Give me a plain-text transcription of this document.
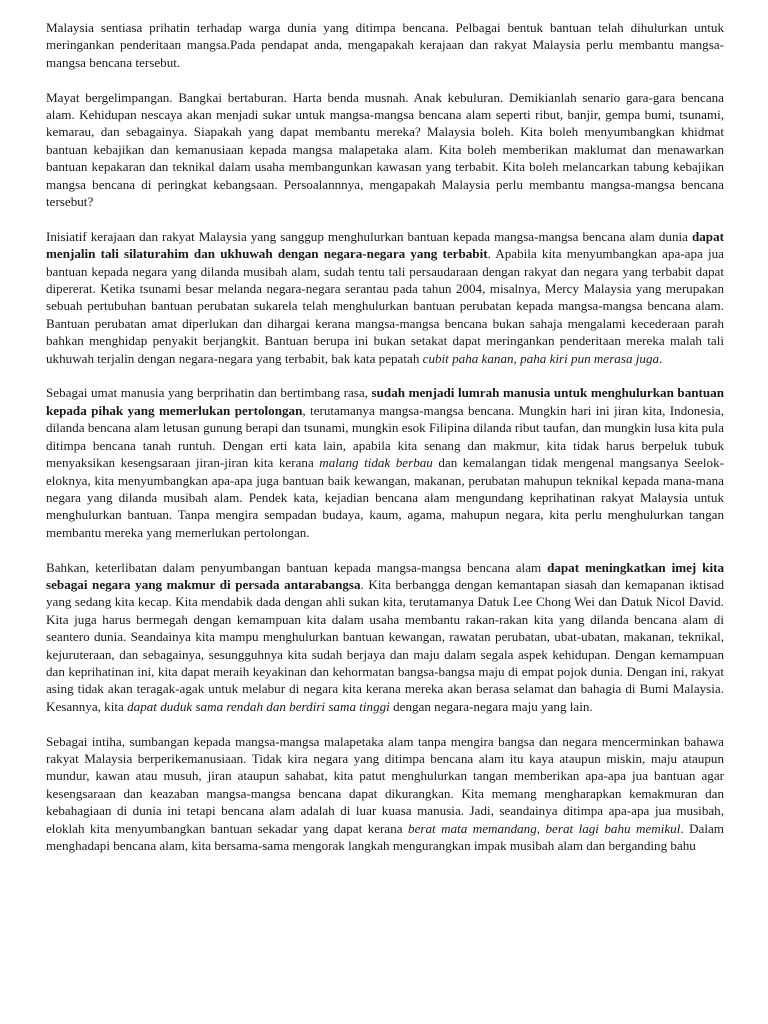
Malaysia sentiasa prihatin terhadap warga dunia yang ditimpa bencana. Pelbagai bentuk bantuan telah dihulurkan untuk meringankan penderitaan mangsa.Pada pendapat anda, mengapakah kerajaan dan rakyat Malaysia perlu membantu mangsa-mangsa bencana tersebut.

Mayat bergelimpangan. Bangkai bertaburan. Harta benda musnah. Anak kebuluran. Demikianlah senario gara-gara bencana alam. Kehidupan nescaya akan menjadi sukar untuk mangsa-mangsa bencana alam seperti ribut, banjir, gempa bumi, tsunami, kemarau, dan sebagainya. Siapakah yang dapat membantu mereka? Malaysia boleh. Kita boleh menyumbangkan khidmat bantuan kebajikan dan kemanusiaan kepada mangsa malapetaka alam. Kita boleh memberikan maklumat dan menawarkan bantuan kepakaran dan teknikal dalam usaha membangunkan kawasan yang terbabit. Kita boleh melancarkan tabung kebajikan mangsa bencana di peringkat kebangsaan. Persoalannnya, mengapakah Malaysia perlu membantu mangsa-mangsa bencana tersebut?

Inisiatif kerajaan dan rakyat Malaysia yang sanggup menghulurkan bantuan kepada mangsa-mangsa bencana alam dunia dapat menjalin tali silaturahim dan ukhuwah dengan negara-negara yang terbabit. Apabila kita menyumbangkan apa-apa jua bantuan kepada negara yang dilanda musibah alam, sudah tentu tali persaudaraan dengan rakyat dan negara yang terbabit dapat dipererat. Ketika tsunami besar melanda negara-negara serantau pada tahun 2004, misalnya, Mercy Malaysia yang merupakan sebuah pertubuhan bantuan perubatan sukarela telah menghulurkan bantuan perubatan kepada mangsa-mangsa bencana alam. Bantuan perubatan amat diperlukan dan dihargai kerana mangsa-mangsa bencana bukan sahaja mengalami kecederaan parah bahkan menghidap penyakit berjangkit. Bantuan berupa ini bukan setakat dapat meringankan penderitaan mereka malah tali ukhuwah terjalin dengan negara-negara yang terbabit, bak kata pepatah cubit paha kanan, paha kiri pun merasa juga.

Sebagai umat manusia yang berprihatin dan bertimbang rasa, sudah menjadi lumrah manusia untuk menghulurkan bantuan kepada pihak yang memerlukan pertolongan, terutamanya mangsa-mangsa bencana. Mungkin hari ini jiran kita, Indonesia, dilanda bencana alam letusan gunung berapi dan tsunami, mungkin esok Filipina dilanda ribut taufan, dan mungkin lusa kita pula ditimpa bencana tanah runtuh. Dengan erti kata lain, apabila kita senang dan makmur, kita tidak harus berpeluk tubuk menyaksikan kesengsaraan jiran-jiran kita kerana malang tidak berbau dan kemalangan tidak mengenal mangsanya Seelok-eloknya, kita menyumbangkan apa-apa juga bantuan baik kewangan, makanan, perubatan mahupun teknikal kepada mana-mana negara yang dilanda musibah alam. Pendek kata, kejadian bencana alam mengundang keprihatinan rakyat Malaysia untuk menghulurkan bantuan. Tanpa mengira sempadan budaya, kaum, agama, mahupun negara, kita perlu menghulurkan tangan membantu mereka yang memerlukan pertolongan.

Bahkan, keterlibatan dalam penyumbangan bantuan kepada mangsa-mangsa bencana alam dapat meningkatkan imej kita sebagai negara yang makmur di persada antarabangsa. Kita berbangga dengan kemantapan siasah dan kemapanan iktisad yang sedang kita kecap. Kita mendabik dada dengan ahli sukan kita, terutamanya Datuk Lee Chong Wei dan Datuk Nicol David. Kita juga harus bermegah dengan kemampuan kita dalam usaha membantu rakan-rakan kita yang dilanda bencana alam di seantero dunia. Seandainya kita mampu menghulurkan bantuan kewangan, rawatan perubatan, ubat-ubatan, makanan, teknikal, kejuruteraan, dan sebagainya, sesungguhnya kita sudah berjaya dan maju dalam segala aspek kehidupan. Dengan kemampuan dan keprihatinan ini, kita dapat meraih keyakinan dan kehormatan bangsa-bangsa maju di empat pojok dunia. Dengan ini, rakyat asing tidak akan teragak-agak untuk melabur di negara kita kerana mereka akan berasa selamat dan bahagia di Bumi Malaysia. Kesannya, kita dapat duduk sama rendah dan berdiri sama tinggi dengan negara-negara maju yang lain.

Sebagai intiha, sumbangan kepada mangsa-mangsa malapetaka alam tanpa mengira bangsa dan negara mencerminkan bahawa rakyat Malaysia berperikemanusiaan. Tidak kira negara yang ditimpa bencana alam itu kaya ataupun miskin, maju ataupun mundur, kawan atau musuh, jiran ataupun sahabat, kita patut menghulurkan tangan memberikan apa-apa jua bantuan agar kesengsaraan dan keazaban mangsa-mangsa bencana dapat dikurangkan. Kita memang mengharapkan kemakmuran dan kebahagiaan di dunia ini tetapi bencana alam adalah di luar kuasa manusia. Jadi, seandainya ditimpa apa-apa jua musibah, eloklah kita menyumbangkan bantuan sekadar yang dapat kerana berat mata memandang, berat lagi bahu memikul. Dalam menghadapi bencana alam, kita bersama-sama mengorak langkah mengurangkan impak musibah alam dan berganding bahu
